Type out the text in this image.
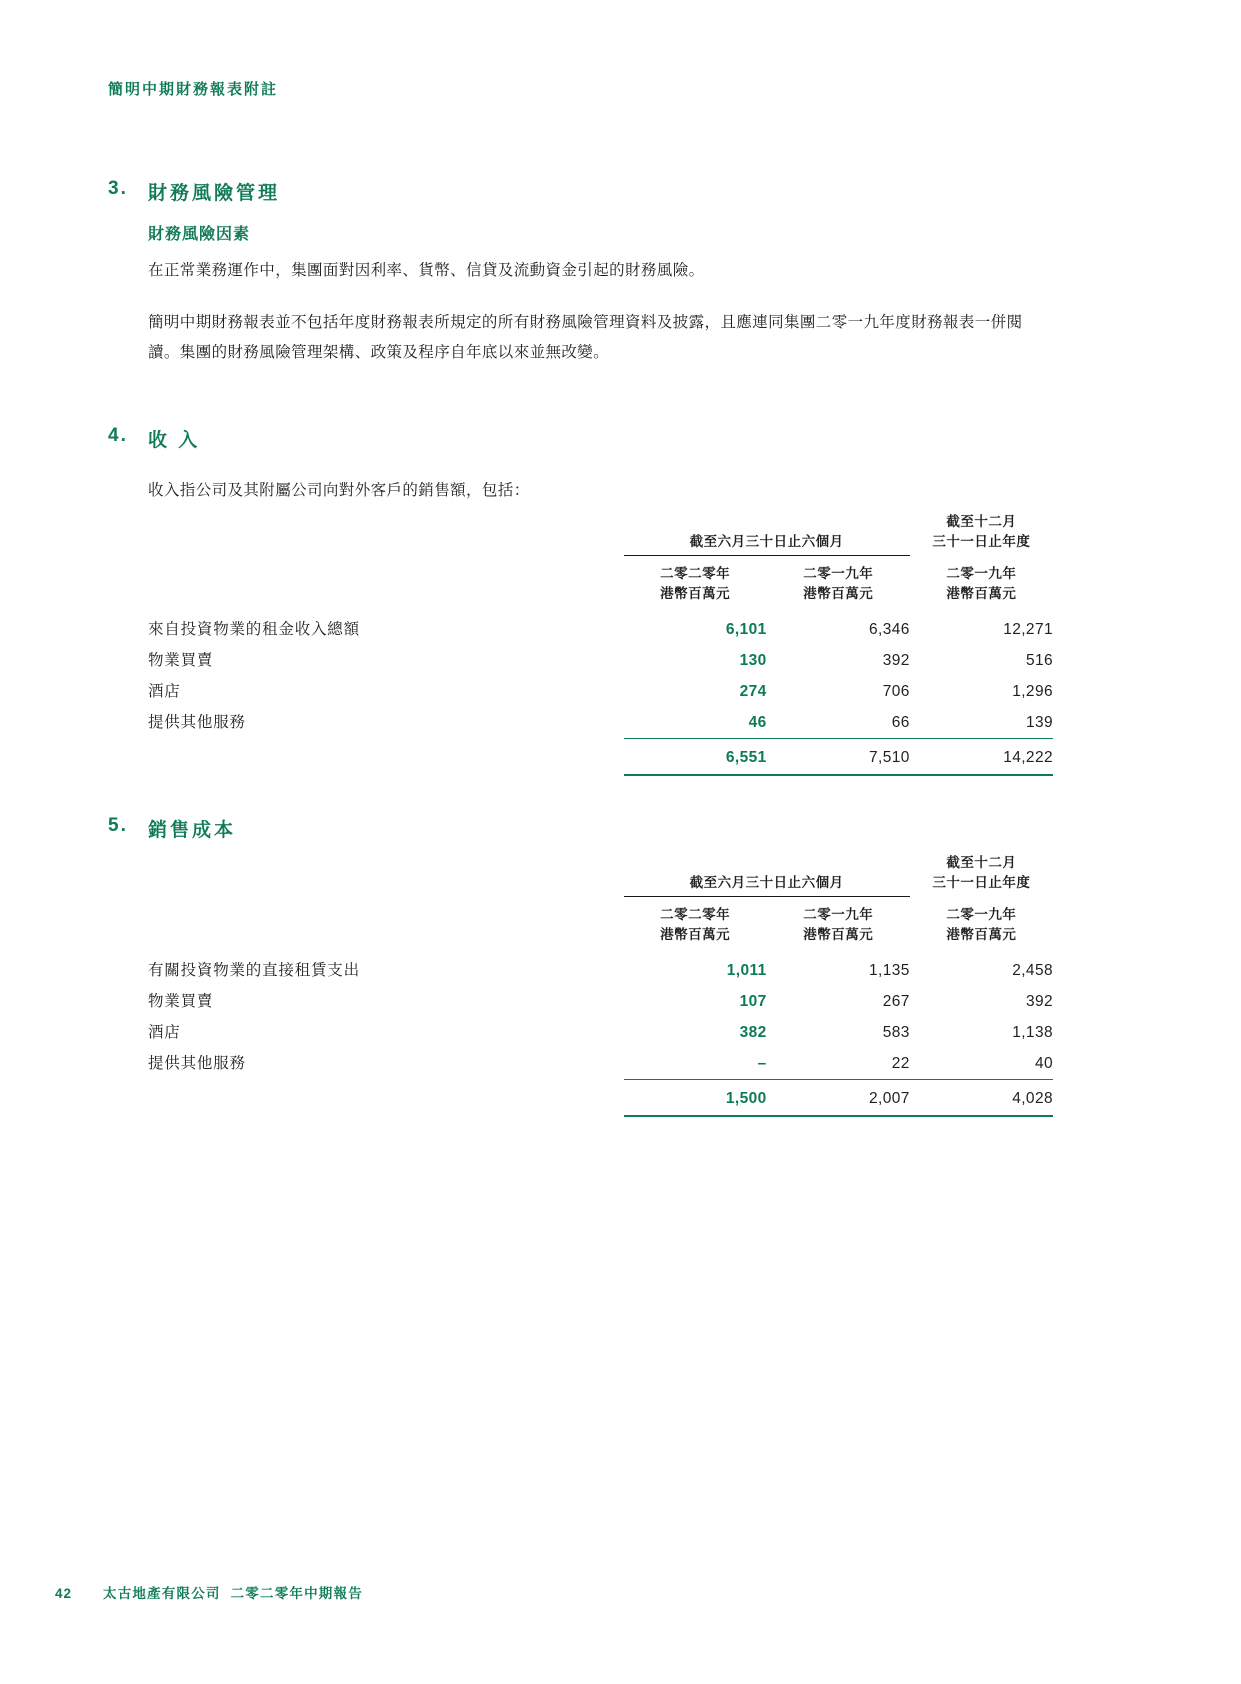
簡明中期財務報表附註
3.	財務風險管理
財務風險因素
在正常業務運作中，集團面對因利率、貨幣、信貸及流動資金引起的財務風險。
簡明中期財務報表並不包括年度財務報表所規定的所有財務風險管理資料及披露，且應連同集團二零一九年度財務報表一併閱讀。集團的財務風險管理架構、政策及程序自年底以來並無改變。
4.	收 入
收入指公司及其附屬公司向對外客戶的銷售額，包括：
	截至六月三十日止六個月		截至十二月
三十一日止年度

二零二零年
港幣百萬元

二零一九年
港幣百萬元

二零一九年
港幣百萬元

來自投資物業的租金收入總額	6,101	6,346	12,271
物業買賣	130	392	516
酒店	274	706	1,296
提供其他服務	46	66	139
	6,551	7,510	14,222
5.	銷售成本
	截至六月三十日止六個月		截至十二月
三十一日止年度

二零二零年
港幣百萬元

二零一九年
港幣百萬元

二零一九年
港幣百萬元

有關投資物業的直接租賃支出	1,011	1,135	2,458
物業買賣	107	267	392
酒店	382	583	1,138
提供其他服務	–	22	40
	1,500	2,007	4,028
42 太古地產有限公司 二零二零年中期報告
